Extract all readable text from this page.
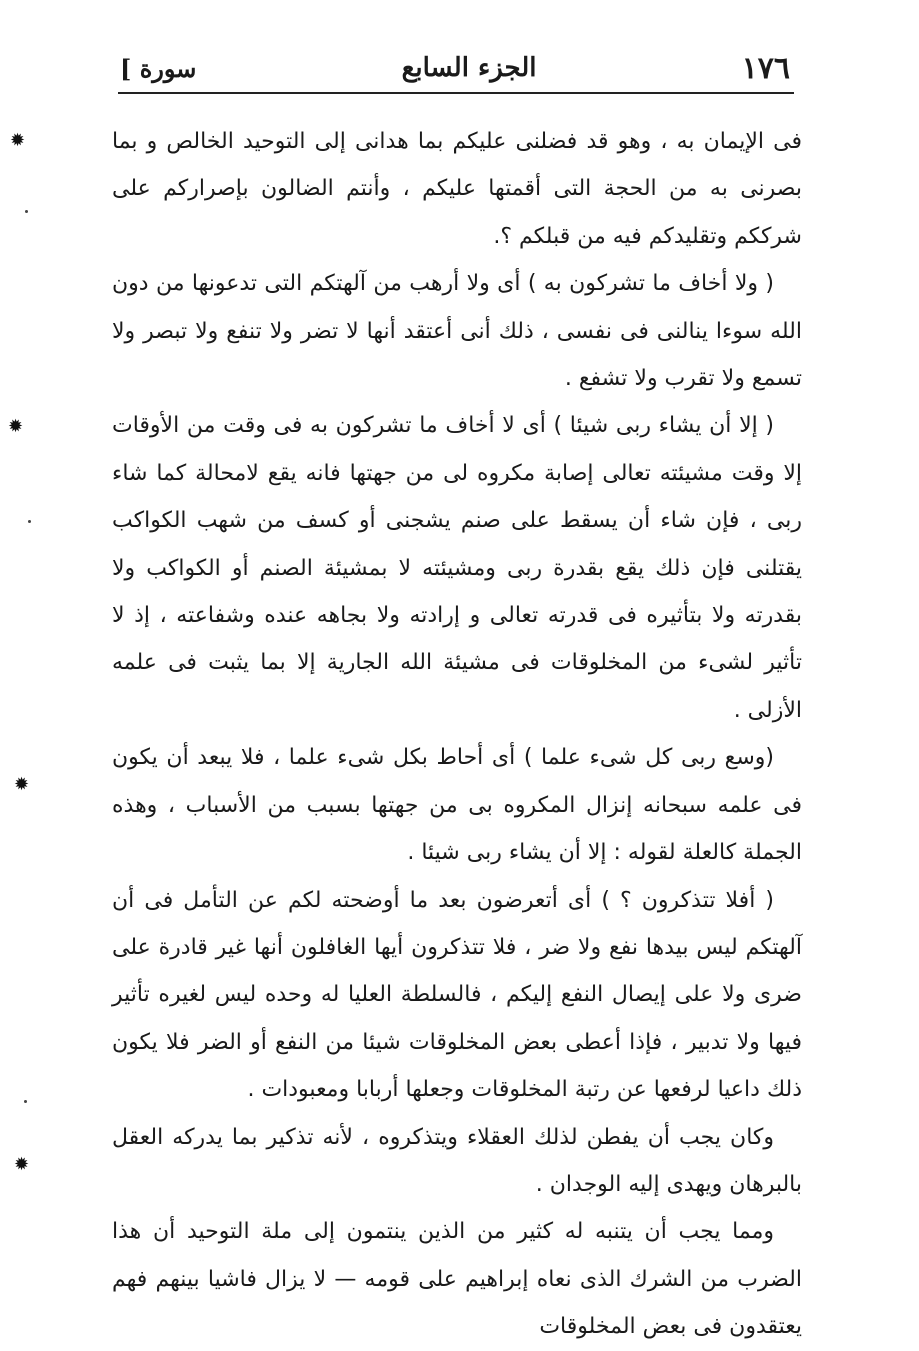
١٧٦
الجزء السابع
سورة ]
✹
✹
✹
✹

فى الإيمان به ، وهو قد فضلنى عليكم بما هدانى إلى التوحيد الخالص و بما بصرنى به من الحجة التى أقمتها عليكم ، وأنتم الضالون بإصراركم على شرككم وتقليدكم فيه من قبلكم ؟.

( ولا أخاف ما تشركون به ) أى ولا أرهب من آلهتكم التى تدعونها من دون الله سوءا ينالنى فى نفسى ، ذلك أنى أعتقد أنها لا تضر ولا تنفع ولا تبصر ولا تسمع ولا تقرب ولا تشفع .

( إلا أن يشاء ربى شيئا ) أى لا أخاف ما تشركون به فى وقت من الأوقات إلا وقت مشيئته تعالى إصابة مكروه لى من جهتها فانه يقع لامحالة كما شاء ربى ، فإن شاء أن يسقط على صنم يشجنى أو كسف من شهب الكواكب يقتلنى فإن ذلك يقع بقدرة ربى ومشيئته لا بمشيئة الصنم أو الكواكب ولا بقدرته ولا بتأثيره فى قدرته تعالى و إرادته ولا بجاهه عنده وشفاعته ، إذ لا تأثير لشىء من المخلوقات فى مشيئة الله الجارية إلا بما يثبت فى علمه الأزلى .

(وسع ربى كل شىء علما ) أى أحاط بكل شىء علما ، فلا يبعد أن يكون فى علمه سبحانه إنزال المكروه بى من جهتها بسبب من الأسباب ، وهذه الجملة كالعلة لقوله : إلا أن يشاء ربى شيئا .

( أفلا تتذكرون ؟ ) أى أتعرضون بعد ما أوضحته لكم عن التأمل فى أن آلهتكم ليس بيدها نفع ولا ضر ، فلا تتذكرون أيها الغافلون أنها غير قادرة على ضرى ولا على إيصال النفع إليكم ، فالسلطة العليا له وحده ليس لغيره تأثير فيها ولا تدبير ، فإذا أعطى بعض المخلوقات شيئا من النفع أو الضر فلا يكون ذلك داعيا لرفعها عن رتبة المخلوقات وجعلها أربابا ومعبودات .

وكان يجب أن يفطن لذلك العقلاء ويتذكروه ، لأنه تذكير بما يدركه العقل بالبرهان ويهدى إليه الوجدان .

ومما يجب أن يتنبه له كثير من الذين ينتمون إلى ملة التوحيد أن هذا الضرب من الشرك الذى نعاه إبراهيم على قومه — لا يزال فاشيا بينهم فهم يعتقدون فى بعض المخلوقات
